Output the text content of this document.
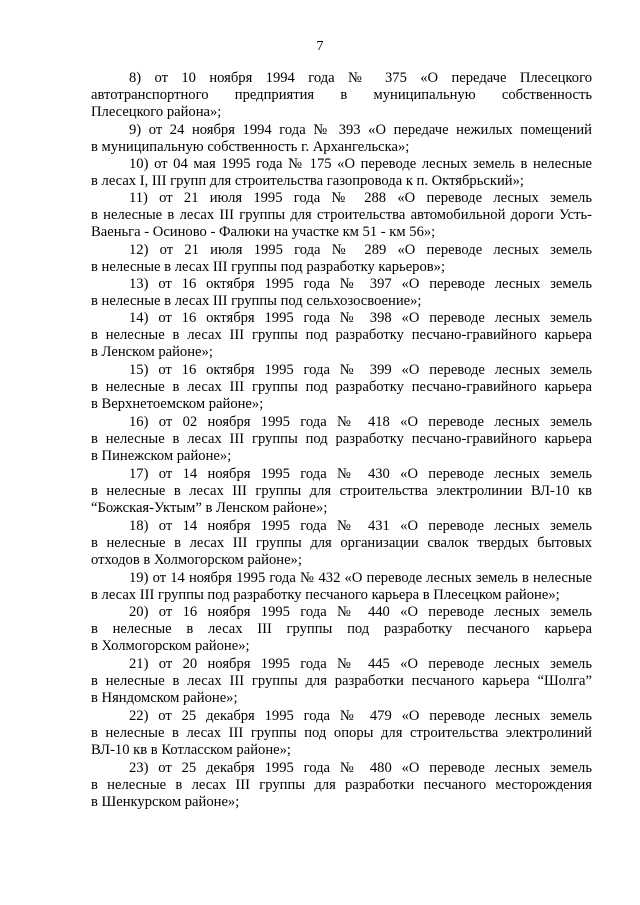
7
8) от 10 ноября 1994 года № 375 «О передаче Плесецкого
автотранспортного предприятия в муниципальную собственность
Плесецкого района»;
9) от 24 ноября 1994 года № 393 «О передаче нежилых помещений
в муниципальную собственность г. Архангельска»;
10) от 04 мая 1995 года № 175 «О переводе лесных земель в нелесные
в лесах I, III групп для строительства газопровода к п. Октябрьский»;
11) от 21 июля 1995 года № 288 «О переводе лесных земель
в нелесные в лесах III группы для строительства автомобильной дороги Усть-
Ваеньга - Осиново - Фалюки на участке км 51 - км 56»;
12) от 21 июля 1995 года № 289 «О переводе лесных земель
в нелесные в лесах III группы под разработку карьеров»;
13) от 16 октября 1995 года № 397 «О переводе лесных земель
в нелесные в лесах III группы под сельхозосвоение»;
14) от 16 октября 1995 года № 398 «О переводе лесных земель
в нелесные в лесах III группы под разработку песчано-гравийного карьера
в Ленском районе»;
15) от 16 октября 1995 года № 399 «О переводе лесных земель
в нелесные в лесах III группы под разработку песчано-гравийного карьера
в Верхнетоемском районе»;
16) от 02 ноября 1995 года № 418 «О переводе лесных земель
в нелесные в лесах III группы под разработку песчано-гравийного карьера
в Пинежском районе»;
17) от 14 ноября 1995 года № 430 «О переводе лесных земель
в нелесные в лесах III группы для строительства электролинии ВЛ-10 кв
“Божская-Уктым” в Ленском районе»;
18) от 14 ноября 1995 года № 431 «О переводе лесных земель
в нелесные в лесах III группы для организации свалок твердых бытовых
отходов в Холмогорском районе»;
19) от 14 ноября 1995 года № 432 «О переводе лесных земель в нелесные
в лесах III группы под разработку песчаного карьера в Плесецком районе»;
20) от 16 ноября 1995 года № 440 «О переводе лесных земель
в нелесные в лесах III группы под разработку песчаного карьера
в Холмогорском районе»;
21) от 20 ноября 1995 года № 445 «О переводе лесных земель
в нелесные в лесах III группы для разработки песчаного карьера “Шолга”
в Няндомском районе»;
22) от 25 декабря 1995 года № 479 «О переводе лесных земель
в нелесные в лесах III группы под опоры для строительства электролиний
ВЛ-10 кв в Котласском районе»;
23) от 25 декабря 1995 года № 480 «О переводе лесных земель
в нелесные в лесах III группы для разработки песчаного месторождения
в Шенкурском районе»;
